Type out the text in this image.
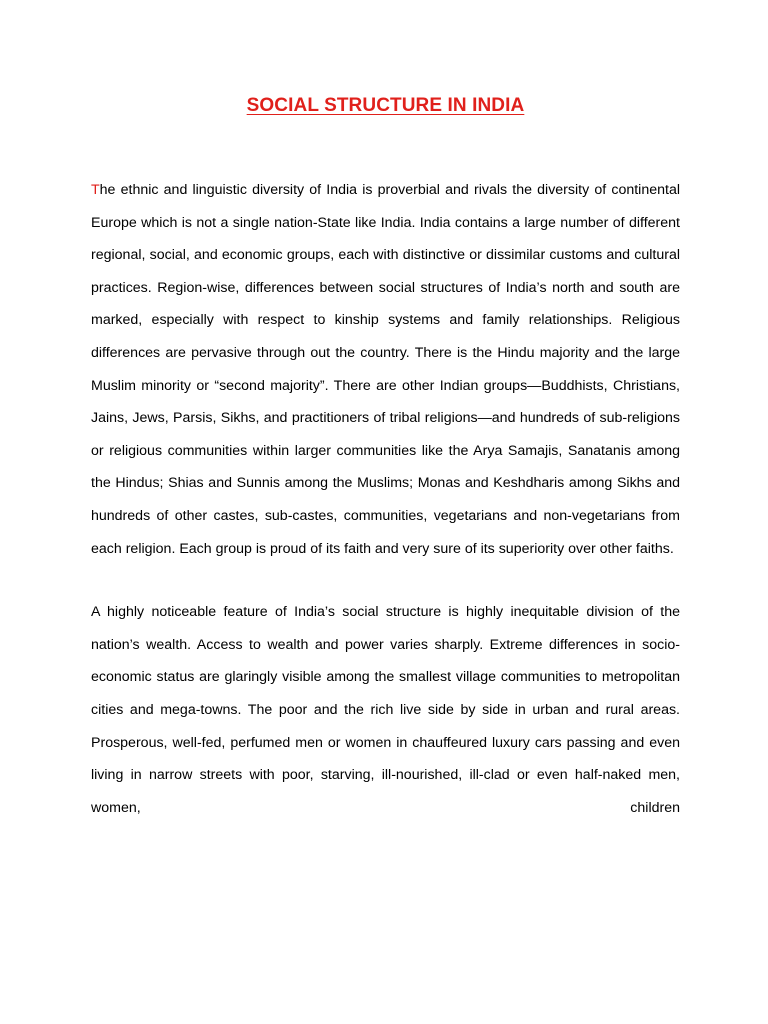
SOCIAL STRUCTURE IN INDIA

The ethnic and linguistic diversity of India is proverbial and rivals the diversity of continental Europe which is not a single nation-State like India. India contains a large number of different regional, social, and economic groups, each with distinctive or dissimilar customs and cultural practices. Region-wise, differences between social structures of India’s north and south are marked, especially with respect to kinship systems and family relationships. Religious differences are pervasive through out the country. There is the Hindu majority and the large Muslim minority or “second majority”. There are other Indian groups—Buddhists, Christians, Jains, Jews, Parsis, Sikhs, and practitioners of tribal religions—and hundreds of sub-religions or religious communities within larger communities like the Arya Samajis, Sanatanis among the Hindus; Shias and Sunnis among the Muslims; Monas and Keshdharis among Sikhs and hundreds of other castes, sub-castes, communities, vegetarians and non-vegetarians from each religion. Each group is proud of its faith and very sure of its superiority over other faiths.

A highly noticeable feature of India’s social structure is highly inequitable division of the nation’s wealth. Access to wealth and power varies sharply. Extreme differences in socio-economic status are glaringly visible among the smallest village communities to metropolitan cities and mega-towns. The poor and the rich live side by side in urban and rural areas. Prosperous, well-fed, perfumed men or women in chauffeured luxury cars passing and even living in narrow streets with poor, starving, ill-nourished, ill-clad or even half-naked men, women, children
